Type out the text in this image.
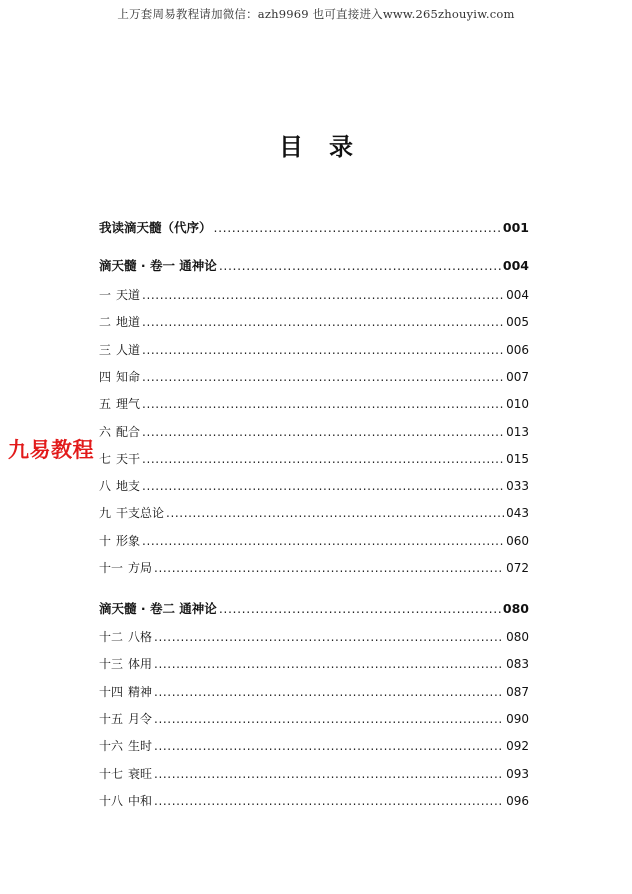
上万套周易教程请加微信：azh9969 也可直接进入www.265zhouyiw.com
目录
我读滴天髓（代序） .....	001
滴天髓 · 卷一 通神论 .....	004
一 天道 .....	004
二 地道 .....	005
三 人道 .....	006
四 知命 .....	007
五 理气 .....	010
六 配合 .....	013
七 天干 .....	015
八 地支 .....	033
九 干支总论 .....	043
十 形象 .....	060
十一 方局 .....	072
滴天髓 · 卷二 通神论 .....	080
十二 八格 .....	080
十三 体用 .....	083
十四 精神 .....	087
十五 月令 .....	090
十六 生时 .....	092
十七 衰旺 .....	093
十八 中和 .....	096
九易教程
